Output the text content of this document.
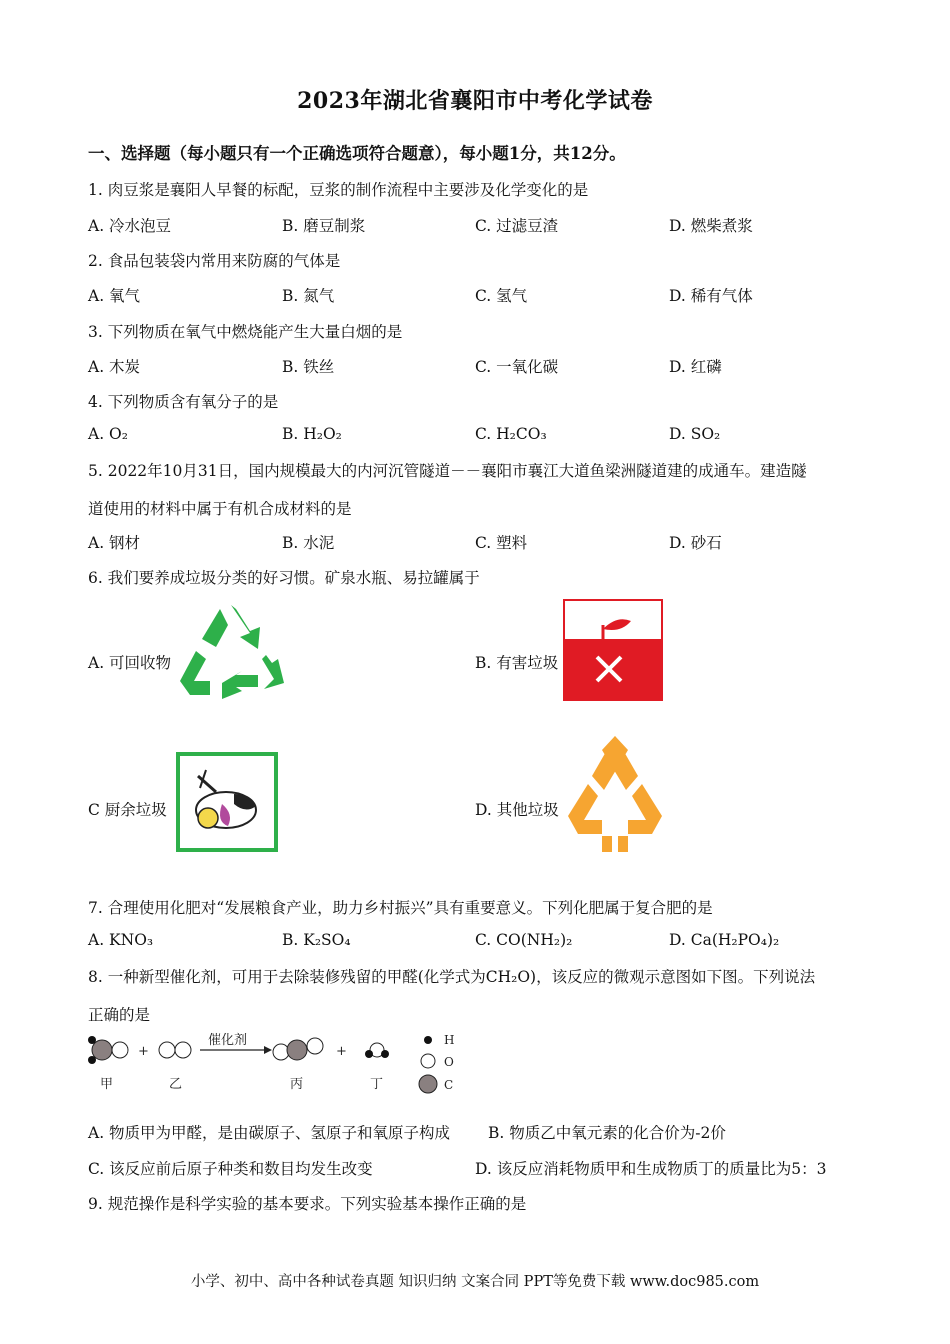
2023年湖北省襄阳市中考化学试卷
一、选择题（每小题只有一个正确选项符合题意），每小题1分，共12分。
1. 肉豆浆是襄阳人早餐的标配，豆浆的制作流程中主要涉及化学变化的是
A. 冷水泡豆	B. 磨豆制浆	C. 过滤豆渣	D. 燃柴煮浆
2. 食品包装袋内常用来防腐的气体是
A. 氧气	B. 氮气	C. 氢气	D. 稀有气体
3. 下列物质在氧气中燃烧能产生大量白烟的是
A. 木炭	B. 铁丝	C. 一氧化碳	D. 红磷
4. 下列物质含有氧分子的是
A. O₂	B. H₂O₂	C. H₂CO₃	D. SO₂
5. 2022年10月31日，国内规模最大的内河沉管隧道－－襄阳市襄江大道鱼梁洲隧道建的成通车。建造隧
道使用的材料中属于有机合成材料的是
A. 钢材	B. 水泥	C. 塑料	D. 砂石
6. 我们要养成垃圾分类的好习惯。矿泉水瓶、易拉罐属于
A. 可回收物	B. 有害垃圾
C 厨余垃圾	D. 其他垃圾
7. 合理使用化肥对“发展粮食产业，助力乡村振兴”具有重要意义。下列化肥属于复合肥的是
A. KNO₃	B. K₂SO₄	C. CO(NH₂)₂	D. Ca(H₂PO₄)₂
8. 一种新型催化剂，可用于去除装修残留的甲醛(化学式为CH₂O)，该反应的微观示意图如下图。下列说法
正确的是
+
催化剂
+
甲	乙	丙	丁
H
O
C
A. 物质甲为甲醛，是由碳原子、氢原子和氧原子构成 B. 物质乙中氧元素的化合价为-2价
C. 该反应前后原子种类和数目均发生改变	D. 该反应消耗物质甲和生成物质丁的质量比为5：3
9. 规范操作是科学实验的基本要求。下列实验基本操作正确的是
小学、初中、高中各种试卷真题 知识归纳 文案合同 PPT等免费下载 www.doc985.com
